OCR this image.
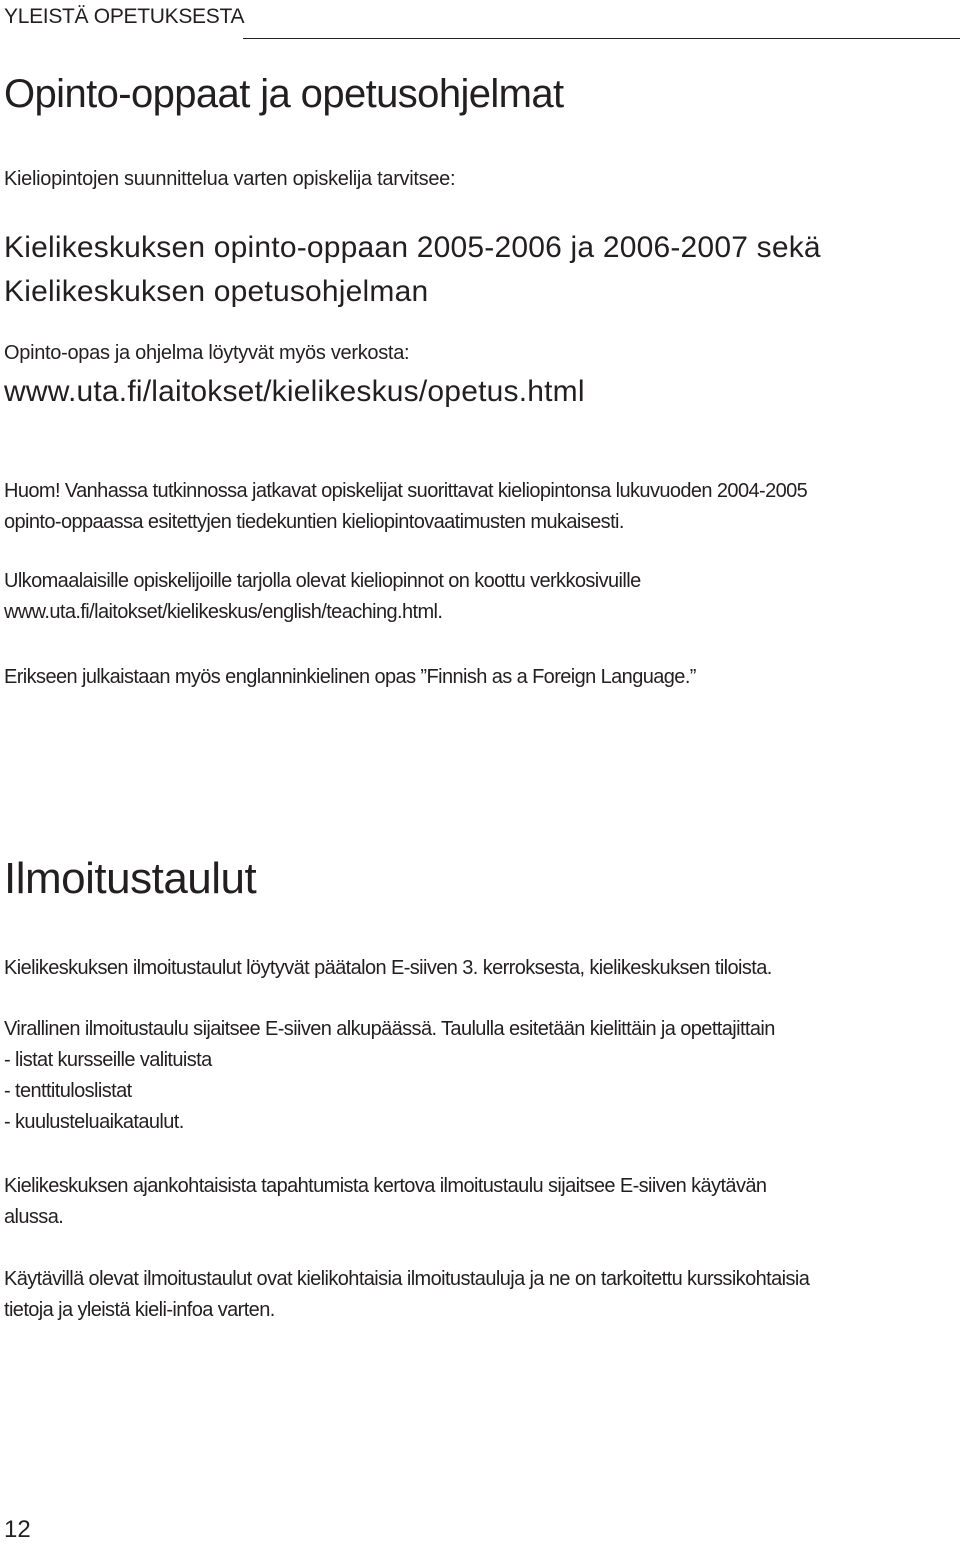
YLEISTÄ OPETUKSESTA
Opinto-oppaat ja opetusohjelmat

Kieliopintojen suunnittelua varten opiskelija tarvitsee:

Kielikeskuksen opinto-oppaan 2005-2006 ja 2006-2007 sekä
Kielikeskuksen opetusohjelman

Opinto-opas ja ohjelma löytyvät myös verkosta:

www.uta.fi/laitokset/kielikeskus/opetus.html

Huom! Vanhassa tutkinnossa jatkavat opiskelijat suorittavat kieliopintonsa lukuvuoden 2004-2005
opinto-oppaassa esitettyjen tiedekuntien kieliopintovaatimusten mukaisesti.

Ulkomaalaisille opiskelijoille tarjolla olevat kieliopinnot on koottu verkkosivuille
www.uta.fi/laitokset/kielikeskus/english/teaching.html.

Erikseen julkaistaan myös englanninkielinen opas ”Finnish as a Foreign Language.”

Ilmoitustaulut

Kielikeskuksen ilmoitustaulut löytyvät päätalon E-siiven 3. kerroksesta, kielikeskuksen tiloista.

Virallinen ilmoitustaulu sijaitsee E-siiven alkupäässä. Taululla esitetään kielittäin ja opettajittain
- listat kursseille valituista
- tenttituloslistat
- kuulusteluaikataulut.

Kielikeskuksen ajankohtaisista tapahtumista kertova ilmoitustaulu sijaitsee E-siiven käytävän
alussa.

Käytävillä olevat ilmoitustaulut ovat kielikohtaisia ilmoitustauluja ja ne on tarkoitettu kurssikohtaisia
tietoja ja yleistä kieli-infoa varten.

12
